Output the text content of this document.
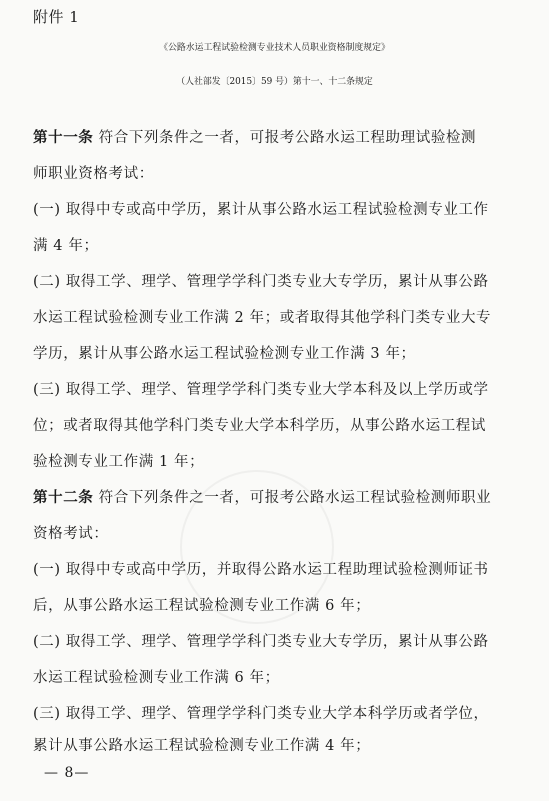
附件 1
《公路水运工程试验检测专业技术人员职业资格制度规定》
（人社部发〔2015〕59 号）第十一、十二条规定
第十一条 符合下列条件之一者，可报考公路水运工程助理试验检测
师职业资格考试：
(一) 取得中专或高中学历，累计从事公路水运工程试验检测专业工作
满 4 年；
(二) 取得工学、理学、管理学学科门类专业大专学历，累计从事公路
水运工程试验检测专业工作满 2 年；或者取得其他学科门类专业大专
学历，累计从事公路水运工程试验检测专业工作满 3 年；
(三) 取得工学、理学、管理学学科门类专业大学本科及以上学历或学
位；或者取得其他学科门类专业大学本科学历，从事公路水运工程试
验检测专业工作满 1 年；
第十二条 符合下列条件之一者，可报考公路水运工程试验检测师职业
资格考试：
(一) 取得中专或高中学历，并取得公路水运工程助理试验检测师证书
后，从事公路水运工程试验检测专业工作满 6 年；
(二) 取得工学、理学、管理学学科门类专业大专学历，累计从事公路
水运工程试验检测专业工作满 6 年；
(三) 取得工学、理学、管理学学科门类专业大学本科学历或者学位，
累计从事公路水运工程试验检测专业工作满 4 年；
— 8—
